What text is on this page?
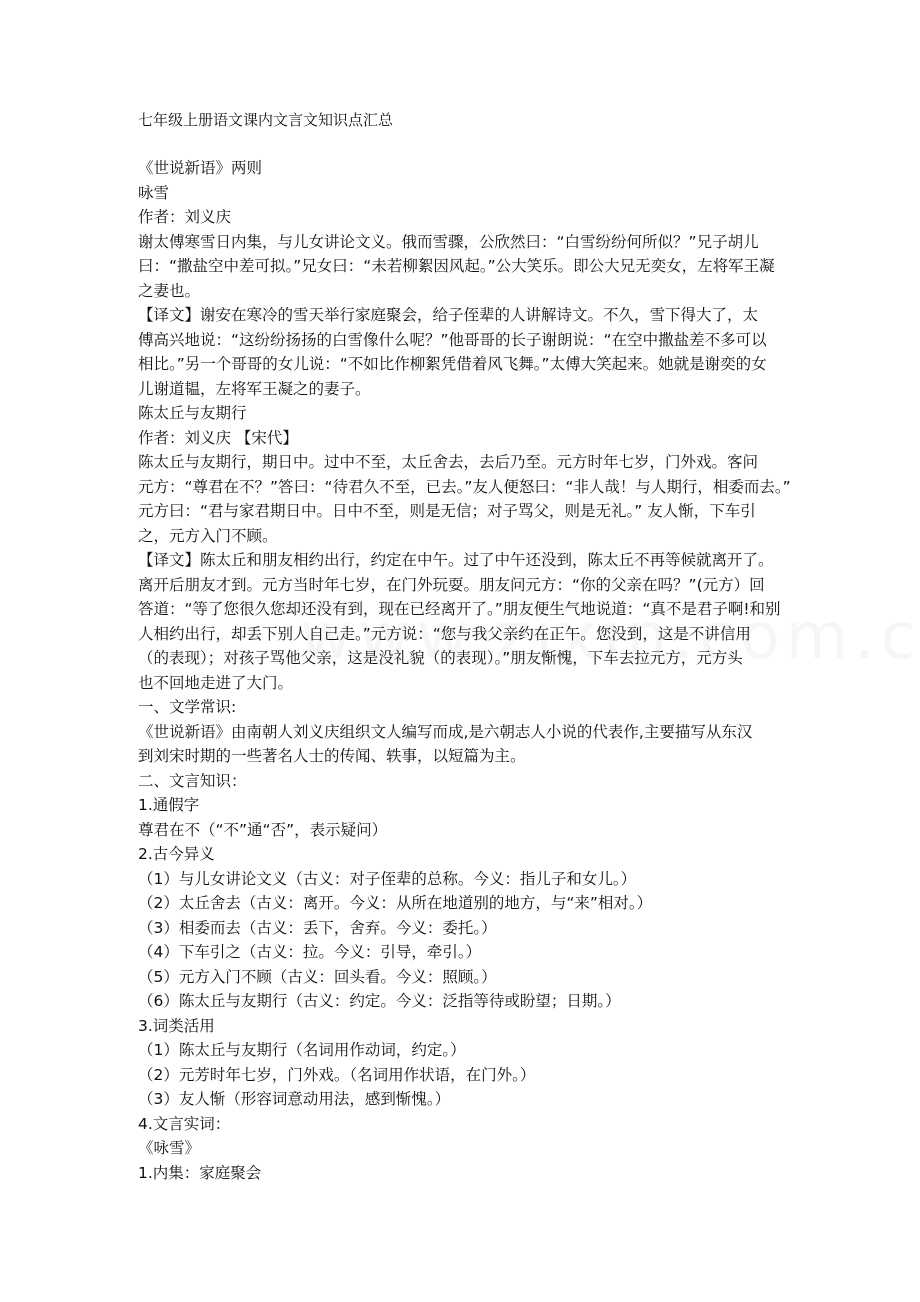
七年级上册语文课内文言文知识点汇总
《世说新语》两则
咏雪
作者：刘义庆
谢太傅寒雪日内集，与儿女讲论文义。俄而雪骤，公欣然曰：“白雪纷纷何所似？”兄子胡儿
曰：“撒盐空中差可拟。”兄女曰：“未若柳絮因风起。”公大笑乐。即公大兄无奕女，左将军王凝
之妻也。
【译文】谢安在寒冷的雪天举行家庭聚会，给子侄辈的人讲解诗文。不久，雪下得大了，太
傅高兴地说：“这纷纷扬扬的白雪像什么呢？”他哥哥的长子谢朗说：“在空中撒盐差不多可以
相比。”另一个哥哥的女儿说：“不如比作柳絮凭借着风飞舞。”太傅大笑起来。她就是谢奕的女
儿谢道韫，左将军王凝之的妻子。
陈太丘与友期行
作者：刘义庆 【宋代】
陈太丘与友期行，期日中。过中不至，太丘舍去，去后乃至。元方时年七岁，门外戏。客问
元方：“尊君在不？”答曰：“待君久不至，已去。”友人便怒曰：“非人哉！与人期行，相委而去。”
元方曰：“君与家君期日中。日中不至，则是无信；对子骂父，则是无礼。” 友人惭，下车引
之，元方入门不顾。
【译文】陈太丘和朋友相约出行，约定在中午。过了中午还没到，陈太丘不再等候就离开了。
离开后朋友才到。元方当时年七岁，在门外玩耍。朋友问元方：“你的父亲在吗？”(元方）回
答道：“等了您很久您却还没有到，现在已经离开了。”朋友便生气地说道：“真不是君子啊!和别
人相约出行，却丢下别人自己走。”元方说：“您与我父亲约在正午。您没到，这是不讲信用
（的表现）；对孩子骂他父亲，这是没礼貌（的表现）。”朋友惭愧，下车去拉元方，元方头
也不回地走进了大门。
一、文学常识:
《世说新语》由南朝人刘义庆组织文人编写而成,是六朝志人小说的代表作,主要描写从东汉
到刘宋时期的一些著名人士的传闻、轶事，以短篇为主。
二、文言知识：
1.通假字
尊君在不（“不”通“否”，表示疑问）
2.古今异义
（1）与儿女讲论文义（古义：对子侄辈的总称。今义：指儿子和女儿。）
（2）太丘舍去（古义：离开。今义：从所在地道别的地方，与“来”相对。）
（3）相委而去（古义：丢下，舍弃。今义：委托。）
（4）下车引之（古义：拉。今义：引导，牵引。）
（5）元方入门不顾（古义：回头看。今义：照顾。）
（6）陈太丘与友期行（古义：约定。今义：泛指等待或盼望；日期。）
3.词类活用
（1）陈太丘与友期行（名词用作动词，约定。）
（2）元芳时年七岁，门外戏。（名词用作状语，在门外。）
（3）友人惭（形容词意动用法，感到惭愧。）
4.文言实词：
《咏雪》
1.内集：家庭聚会
